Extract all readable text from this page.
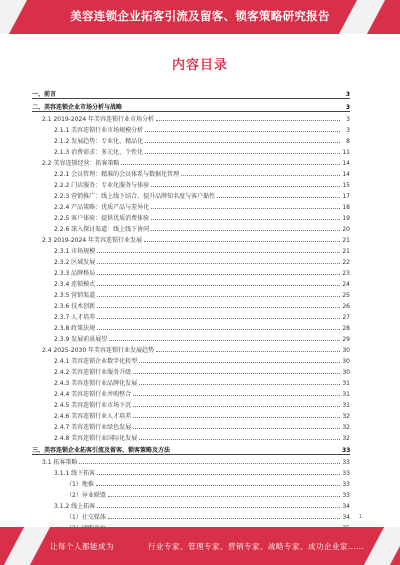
美容连锁企业拓客引流及留客、锁客策略研究报告
内容目录
一、前言	3
二、美容连锁企业市场分析与战略	3
2.1 2019-2024 年美容连锁行业市场分析	3
2.1.1 美容连锁行业市场规模分析	3
2.1.2 发展趋势：专业化、精品化	8
2.1.3 消费需求：多元化、个性化	11
2.2 美容连锁经营：拓客策略	14
2.2.1 会员管理：精准的会员体系与数据化管理	14
2.2.2 门店服务：专业化服务与体验	15
2.2.3 营销推广：线上线下结合，提升品牌知名度与客户黏性	17
2.2.4 产品策略：优质产品与差异化	18
2.2.5 客户体验：提供优质消费体验	19
2.2.6 深入探讨渠道：线上线下协同	20
2.3 2019-2024 年美容连锁行业发展	21
2.3.1 市场规模	21
2.3.2 区域发展	22
2.3.3 品牌格局	23
2.3.4 连锁模式	24
2.3.5 营销渠道	25
2.3.6 技术创新	26
2.3.7 人才培养	27
2.3.8 政策法规	28
2.3.9 发展前景展望	29
2.4 2025-2030 年美容连锁行业发展趋势	30
2.4.1 美容连锁企业数字化转型	30
2.4.2 美容连锁行业服务升级	30
2.4.3 美容连锁行业品牌化发展	31
2.4.4 美容连锁行业并购整合	31
2.4.5 美容连锁行业市场下沉	31
2.4.6 美容连锁行业人才培养	32
2.4.7 美容连锁行业绿色发展	32
2.4.8 美容连锁行业国际化发展	32
三、美容连锁企业拓客引流及留客、锁客策略及方法	33
3.1 拓客策略	33
3.1.1 线下拓客	33
（1）地推	33
（2）异业联盟	33
3.1.2 线上拓客	34
（1）社交媒体	34 1
让每个人都能成为	行业专家、管理专家、营销专家、战略专家、成功企业家……
